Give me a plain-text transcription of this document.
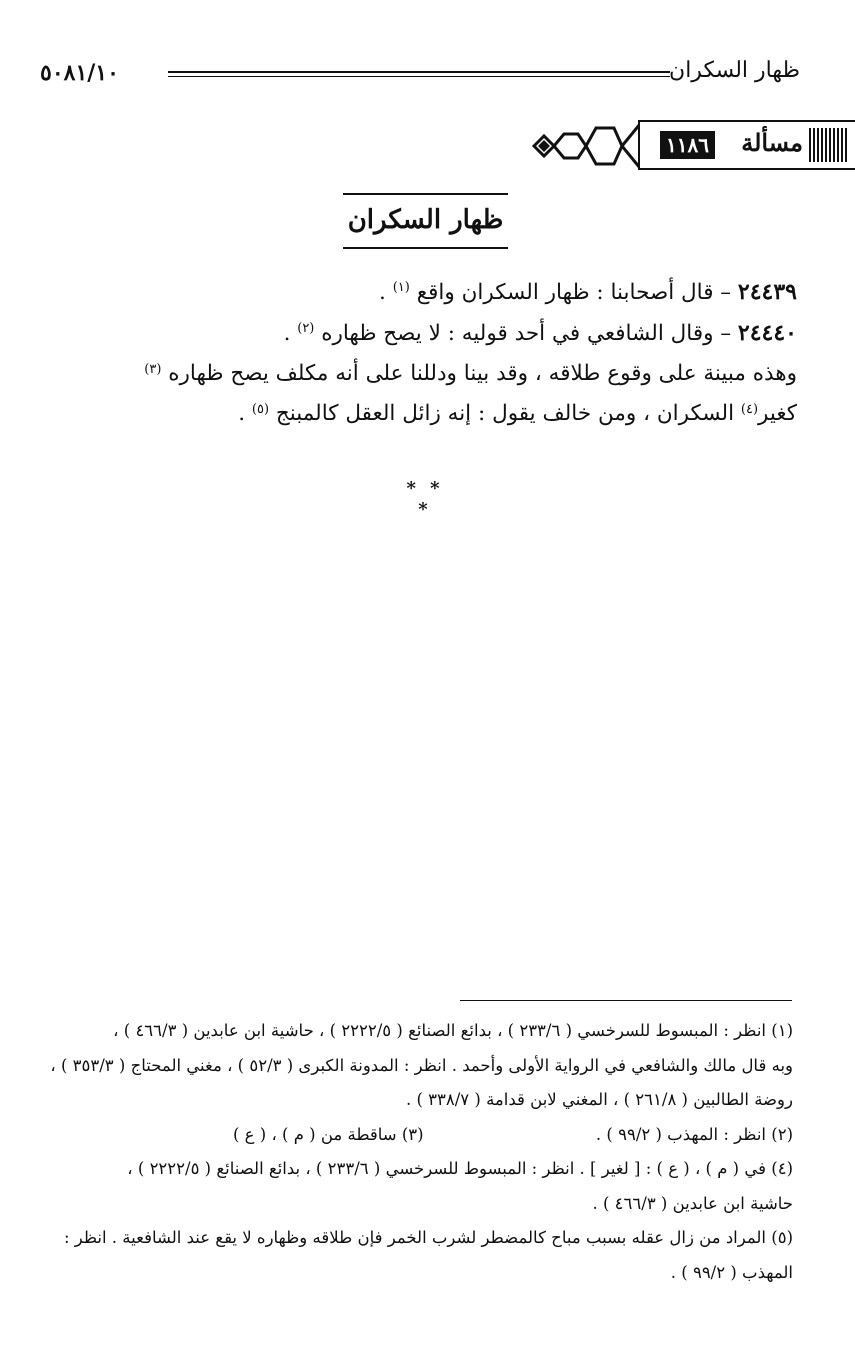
٥٠٨١/١٠	ظهار السكران
١١٨٦ مسألة
ظهار السكران

٢٤٤٣٩ – قال أصحابنا : ظهار السكران واقع $^{(١)}$ .

٢٤٤٤٠ – وقال الشافعي في أحد قوليه : لا يصح ظهاره $^{(٢)}$ .

وهذه مبينة على وقوع طلاقه ، وقد بينا ودللنا على أنه مكلف يصح ظهاره $^{(٣)}$

كغير$^{(٤)}$ السكران ، ومن خالف يقول : إنه زائل العقل كالمبنج $^{(٥)}$ .

* * *

(١) انظر : المبسوط للسرخسي ( ٢٣٣/٦ ) ، بدائع الصنائع ( ٢٢٢٢/٥ ) ، حاشية ابن عابدين ( ٤٦٦/٣ ) ،

وبه قال مالك والشافعي في الرواية الأولى وأحمد . انظر : المدونة الكبرى ( ٥٢/٣ ) ، مغني المحتاج ( ٣٥٣/٣ ) ،

روضة الطالبين ( ٢٦١/٨ ) ، المغني لابن قدامة ( ٣٣٨/٧ ) .

(٢) انظر : المهذب ( ٩٩/٢ ) .
(٣) ساقطة من ( م ) ، ( ع )

(٤) في ( م ) ، ( ع ) : [ لغير ] . انظر : المبسوط للسرخسي ( ٢٣٣/٦ ) ، بدائع الصنائع ( ٢٢٢٢/٥ ) ،

حاشية ابن عابدين ( ٤٦٦/٣ ) .

(٥) المراد من زال عقله بسبب مباح كالمضطر لشرب الخمر فإن طلاقه وظهاره لا يقع عند الشافعية . انظر :

المهذب ( ٩٩/٢ ) .
